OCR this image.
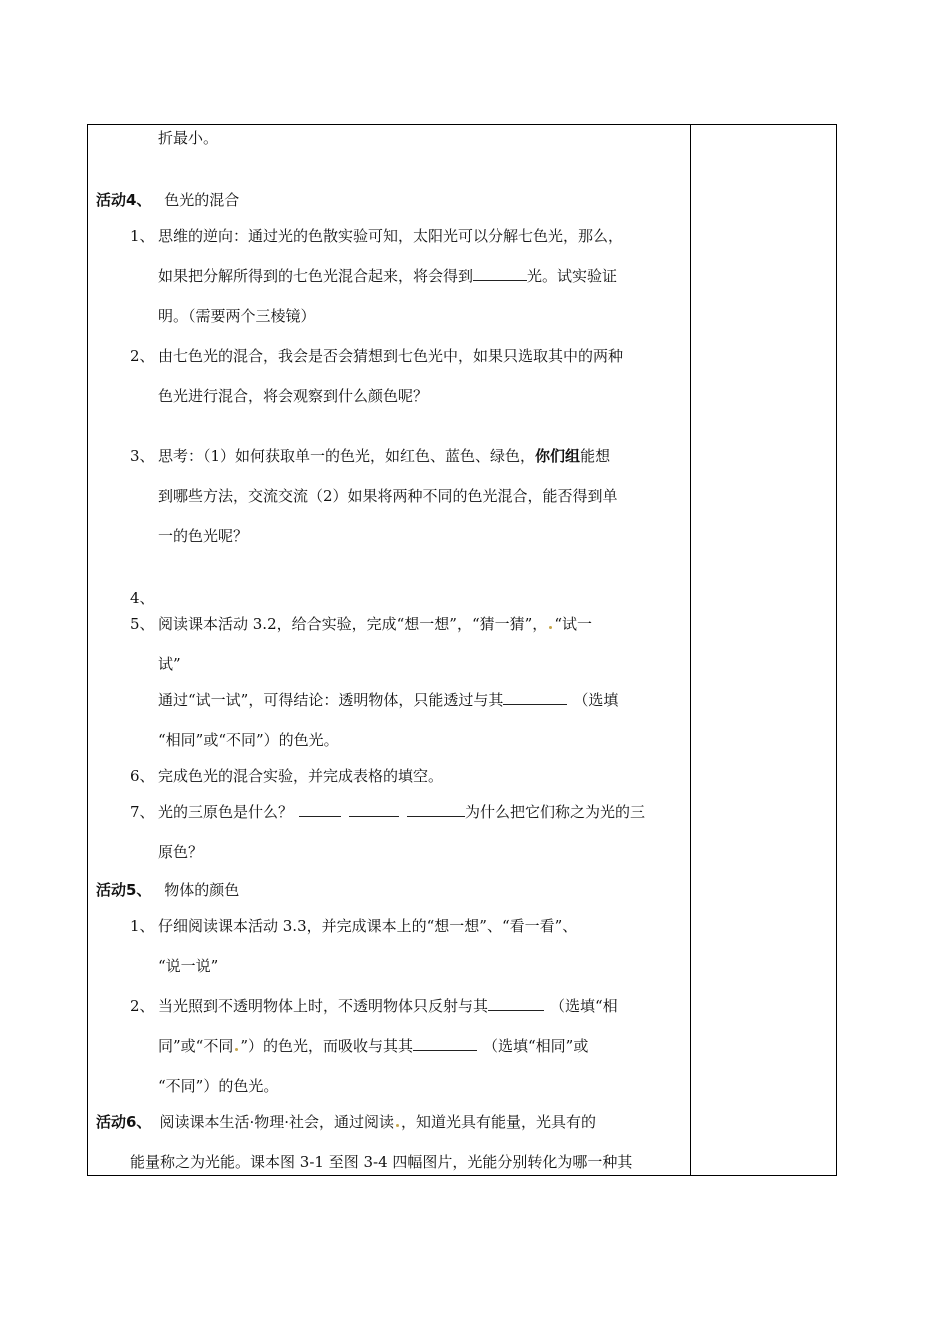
折最小。
活动4、 色光的混合
1、 思维的逆向：通过光的色散实验可知，太阳光可以分解七色光，那么，
如果把分解所得到的七色光混合起来，将会得到	光。试实验证
明。（需要两个三棱镜）
2、 由七色光的混合，我会是否会猜想到七色光中，如果只选取其中的两种
色光进行混合，将会观察到什么颜色呢？
3、 思考：（1）如何获取单一的色光，如红色、蓝色、绿色，你们组能想
到哪些方法，交流交流（2）如果将两种不同的色光混合，能否得到单
一的色光呢？
4、
5、 阅读课本活动 3.2，给合实验，完成“想一想”，“猜一猜”， “试一
试”
通过“试一试”，可得结论：透明物体，只能透过与其	（选填
“相同”或“不同”）的色光。
6、 完成色光的混合实验，并完成表格的填空。
7、 光的三原色是什么？	为什么把它们称之为光的三
原色？
活动5、 物体的颜色
1、 仔细阅读课本活动 3.3，并完成课本上的“想一想”、“看一看”、
“说一说”
2、 当光照到不透明物体上时，不透明物体只反射与其	（选填“相
同”或“不同 ”）的色光，而吸收与其其	（选填“相同”或
“不同”）的色光。
活动6、 阅读课本生活·物理·社会，通过阅读 ，知道光具有能量，光具有的
能量称之为光能。课本图 3-1 至图 3-4 四幅图片，光能分别转化为哪一种其
